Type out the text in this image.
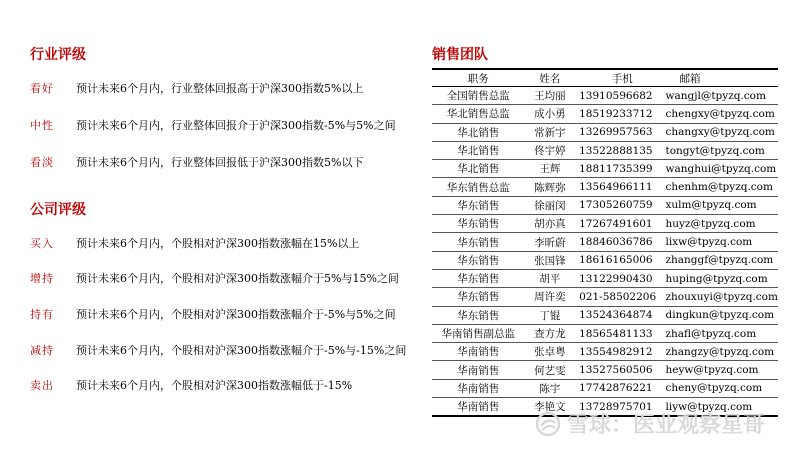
行业评级
看好	预计未来6个月内，行业整体回报高于沪深300指数5%以上
中性	预计未来6个月内，行业整体回报介于沪深300指数-5%与5%之间
看淡	预计未来6个月内，行业整体回报低于沪深300指数5%以下
公司评级
买入	预计未来6个月内，个股相对沪深300指数涨幅在15%以上
增持	预计未来6个月内，个股相对沪深300指数涨幅介于5%与15%之间
持有	预计未来6个月内，个股相对沪深300指数涨幅介于-5%与5%之间
减持	预计未来6个月内，个股相对沪深300指数涨幅介于-5%与-15%之间
卖出	预计未来6个月内，个股相对沪深300指数涨幅低于-15%
销售团队
职务	姓名	手机	邮箱
全国销售总监	王均丽	13910596682	wangjl@tpyzq.com
华北销售总监	成小勇	18519233712	chengxy@tpyzq.com
华北销售	常新宇	13269957563	changxy@tpyzq.com
华北销售	佟宇婷	13522888135	tongyt@tpyzq.com
华北销售	王辉	18811735399	wanghui@tpyzq.com
华东销售总监	陈辉弥	13564966111	chenhm@tpyzq.com
华东销售	徐丽闵	17305260759	xulm@tpyzq.com
华东销售	胡亦真	17267491601	huyz@tpyzq.com
华东销售	李昕蔚	18846036786	lixw@tpyzq.com
华东销售	张国锋	18616165006	zhanggf@tpyzq.com
华东销售	胡平	13122990430	huping@tpyzq.com
华东销售	周许奕	021-58502206	zhouxuyi@tpyzq.com
华东销售	丁锟	13524364874	dingkun@tpyzq.com
华南销售副总监	查方龙	18565481133	zhafl@tpyzq.com
华南销售	张卓粤	13554982912	zhangzy@tpyzq.com
华南销售	何艺雯	13527560506	heyw@tpyzq.com
华南销售	陈宇	17742876221	cheny@tpyzq.com
华南销售	李艳文	13728975701	liyw@tpyzq.com
雪球：医业观察星哥
